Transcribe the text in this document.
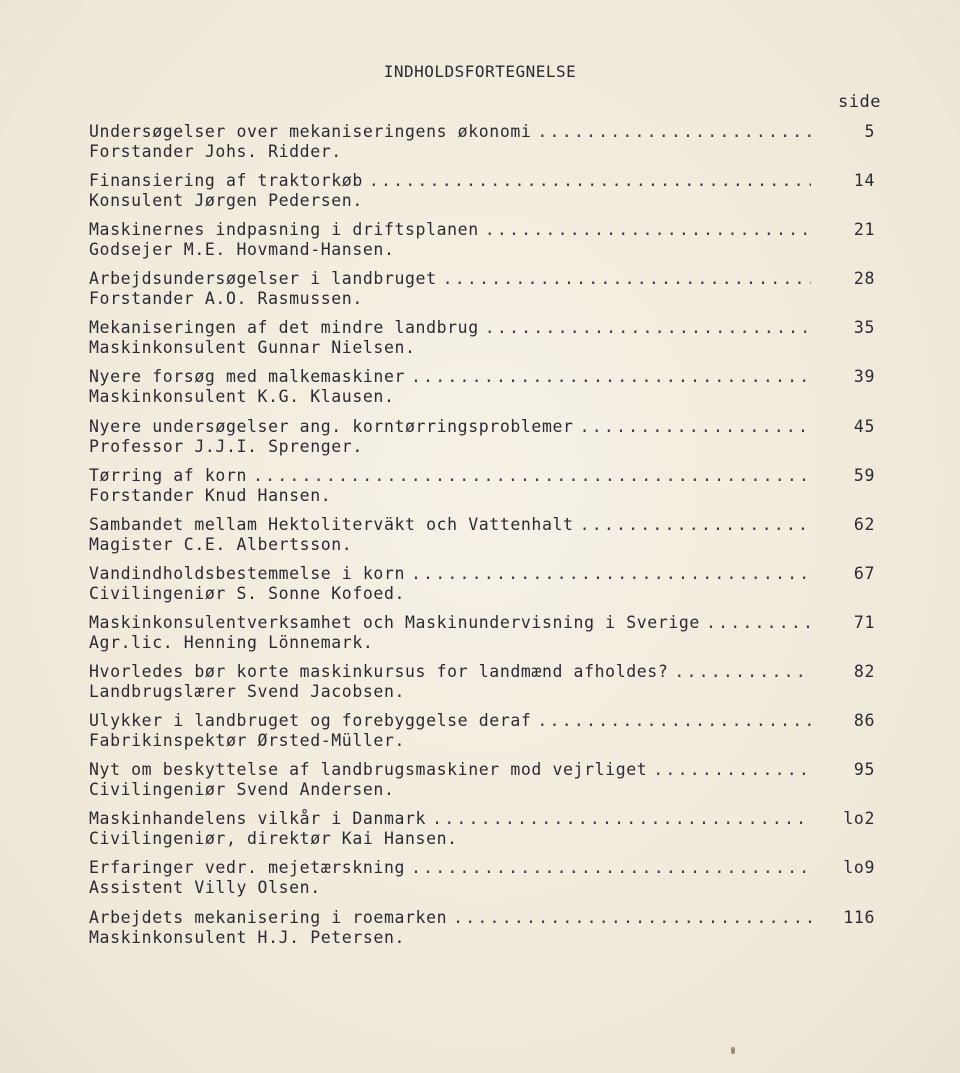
INDHOLDSFORTEGNELSE
side
Undersøgelser over mekaniseringens økonomi .....	5
Forstander Johs. Ridder.
Finansiering af traktorkøb .....	14
Konsulent Jørgen Pedersen.
Maskinernes indpasning i driftsplanen .....	21
Godsejer M.E. Hovmand-Hansen.
Arbejdsundersøgelser i landbruget .....	28
Forstander A.O. Rasmussen.
Mekaniseringen af det mindre landbrug .....	35
Maskinkonsulent Gunnar Nielsen.
Nyere forsøg med malkemaskiner .....	39
Maskinkonsulent K.G. Klausen.
Nyere undersøgelser ang. korntørringsproblemer .....	45
Professor J.J.I. Sprenger.
Tørring af korn .....	59
Forstander Knud Hansen.
Sambandet mellam Hektoliterväkt och Vattenhalt .....	62
Magister C.E. Albertsson.
Vandindholdsbestemmelse i korn .....	67
Civilingeniør S. Sonne Kofoed.
Maskinkonsulentverksamhet och Maskinundervisning i Sverige .....	71
Agr.lic. Henning Lönnemark.
Hvorledes bør korte maskinkursus for landmænd afholdes? .....	82
Landbrugslærer Svend Jacobsen.
Ulykker i landbruget og forebyggelse deraf .....	86
Fabrikinspektør Ørsted-Müller.
Nyt om beskyttelse af landbrugsmaskiner mod vejrliget .....	95
Civilingeniør Svend Andersen.
Maskinhandelens vilkår i Danmark .....	lo2
Civilingeniør, direktør Kai Hansen.
Erfaringer vedr. mejetærskning .....	lo9
Assistent Villy Olsen.
Arbejdets mekanisering i roemarken .....	116
Maskinkonsulent H.J. Petersen.
